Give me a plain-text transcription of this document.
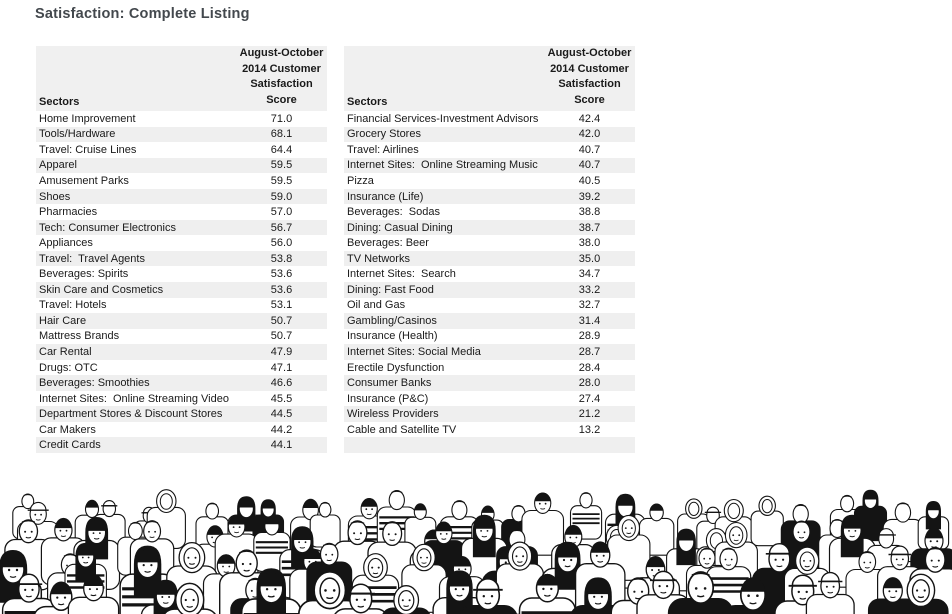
Satisfaction: Complete Listing
Sectors
August-October
2014 Customer
Satisfaction
Score
Home Improvement	71.0
Tools/Hardware	68.1
Travel: Cruise Lines	64.4
Apparel	59.5
Amusement Parks	59.5
Shoes	59.0
Pharmacies	57.0
Tech: Consumer Electronics	56.7
Appliances	56.0
Travel:  Travel Agents	53.8
Beverages: Spirits	53.6
Skin Care and Cosmetics	53.6
Travel: Hotels	53.1
Hair Care	50.7
Mattress Brands	50.7
Car Rental	47.9
Drugs: OTC	47.1
Beverages: Smoothies	46.6
Internet Sites:  Online Streaming Video	45.5
Department Stores & Discount Stores	44.5
Car Makers	44.2
Credit Cards	44.1
Sectors
August-October
2014 Customer
Satisfaction
Score
Financial Services-Investment Advisors	42.4
Grocery Stores	42.0
Travel: Airlines	40.7
Internet Sites:  Online Streaming Music	40.7
Pizza	40.5
Insurance (Life)	39.2
Beverages:  Sodas	38.8
Dining: Casual Dining	38.7
Beverages: Beer	38.0
TV Networks	35.0
Internet Sites:  Search	34.7
Dining: Fast Food	33.2
Oil and Gas	32.7
Gambling/Casinos	31.4
Insurance (Health)	28.9
Internet Sites: Social Media	28.7
Erectile Dysfunction	28.4
Consumer Banks	28.0
Insurance (P&C)	27.4
Wireless Providers	21.2
Cable and Satellite TV	13.2
